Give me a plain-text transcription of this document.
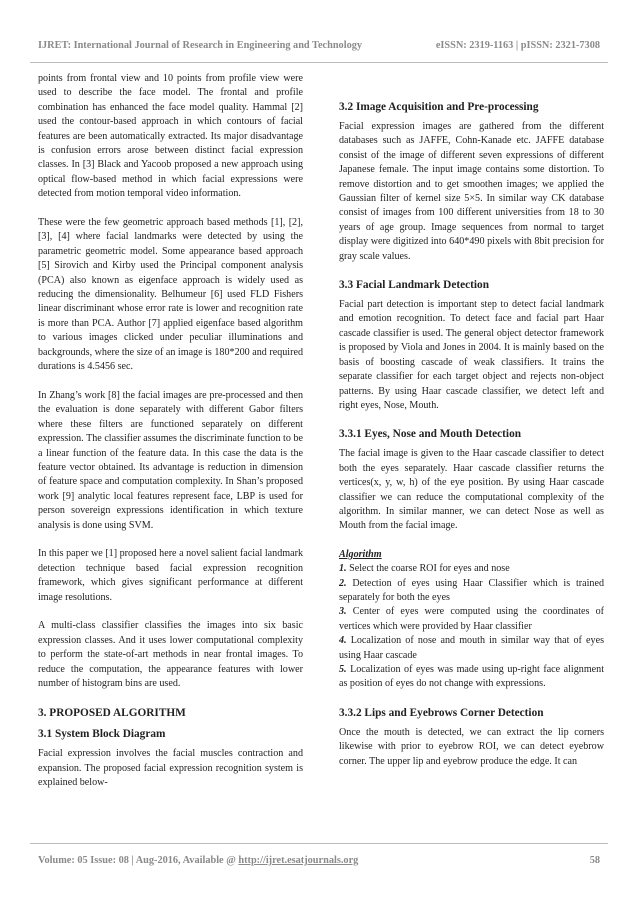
IJRET: International Journal of Research in Engineering and Technology	eISSN: 2319-1163 | pISSN: 2321-7308

points from frontal view and 10 points from profile view were used to describe the face model. The frontal and profile combination has enhanced the face model quality. Hammal [2] used the contour-based approach in which contours of facial features are been automatically extracted. Its major disadvantage is confusion errors arose between distinct facial expression classes. In [3] Black and Yacoob proposed a new approach using optical flow-based method in which facial expressions were detected from motion temporal video information.

These were the few geometric approach based methods [1], [2], [3], [4] where facial landmarks were detected by using the parametric geometric model. Some appearance based approach [5] Sirovich and Kirby used the Principal component analysis (PCA) also known as eigenface approach is widely used as reducing the dimensionality. Belhumeur [6] used FLD Fishers linear discriminant whose error rate is lower and recognition rate is more than PCA. Author [7] applied eigenface based algorithm to various images clicked under peculiar illuminations and backgrounds, where the size of an image is 180*200 and required durations is 4.5456 sec.

In Zhang’s work [8] the facial images are pre-processed and then the evaluation is done separately with different Gabor filters where these filters are functioned separately on different expression. The classifier assumes the discriminate function to be a linear function of the feature data. In this case the data is the feature vector obtained. Its advantage is reduction in dimension of feature space and computation complexity. In Shan’s proposed work [9] analytic local features represent face, LBP is used for person sovereign expressions identification in which texture analysis is done using SVM.

In this paper we [1] proposed here a novel salient facial landmark detection technique based facial expression recognition framework, which gives significant performance at different image resolutions.

A multi-class classifier classifies the images into six basic expression classes. And it uses lower computational complexity to perform the state-of-art methods in near frontal images. To reduce the computation, the appearance features with lower number of histogram bins are used.

3. PROPOSED ALGORITHM
3.1 System Block Diagram

Facial expression involves the facial muscles contraction and expansion. The proposed facial expression recognition system is explained below-

3.2 Image Acquisition and Pre-processing

Facial expression images are gathered from the different databases such as JAFFE, Cohn-Kanade etc. JAFFE database consist of the image of different seven expressions of different Japanese female. The input image contains some distortion. To remove distortion and to get smoothen images; we applied the Gaussian filter of kernel size 5×5. In similar way CK database consist of images from 100 different universities from 18 to 30 years of age group. Image sequences from normal to target display were digitized into 640*490 pixels with 8bit precision for gray scale values.

3.3 Facial Landmark Detection

Facial part detection is important step to detect facial landmark and emotion recognition. To detect face and facial part Haar cascade classifier is used. The general object detector framework is proposed by Viola and Jones in 2004. It is mainly based on the basis of boosting cascade of weak classifiers. It trains the separate classifier for each target object and rejects non-object patterns. By using Haar cascade classifier, we detect left and right eyes, Nose, Mouth.

3.3.1 Eyes, Nose and Mouth Detection

The facial image is given to the Haar cascade classifier to detect both the eyes separately. Haar cascade classifier returns the vertices(x, y, w, h) of the eye position. By using Haar cascade classifier we can reduce the computational complexity of the algorithm. In similar manner, we can detect Nose as well as Mouth from the facial image.

Algorithm

1. Select the coarse ROI for eyes and nose

2. Detection of eyes using Haar Classifier which is trained separately for both the eyes

3. Center of eyes were computed using the coordinates of vertices which were provided by Haar classifier

4. Localization of nose and mouth in similar way that of eyes using Haar cascade

5. Localization of eyes was made using up-right face alignment as position of eyes do not change with expressions.

3.3.2 Lips and Eyebrows Corner Detection

Once the mouth is detected, we can extract the lip corners likewise with prior to eyebrow ROI, we can detect eyebrow corner. The upper lip and eyebrow produce the edge. It can

Volume: 05 Issue: 08 | Aug-2016, Available @ http://ijret.esatjournals.org	58
